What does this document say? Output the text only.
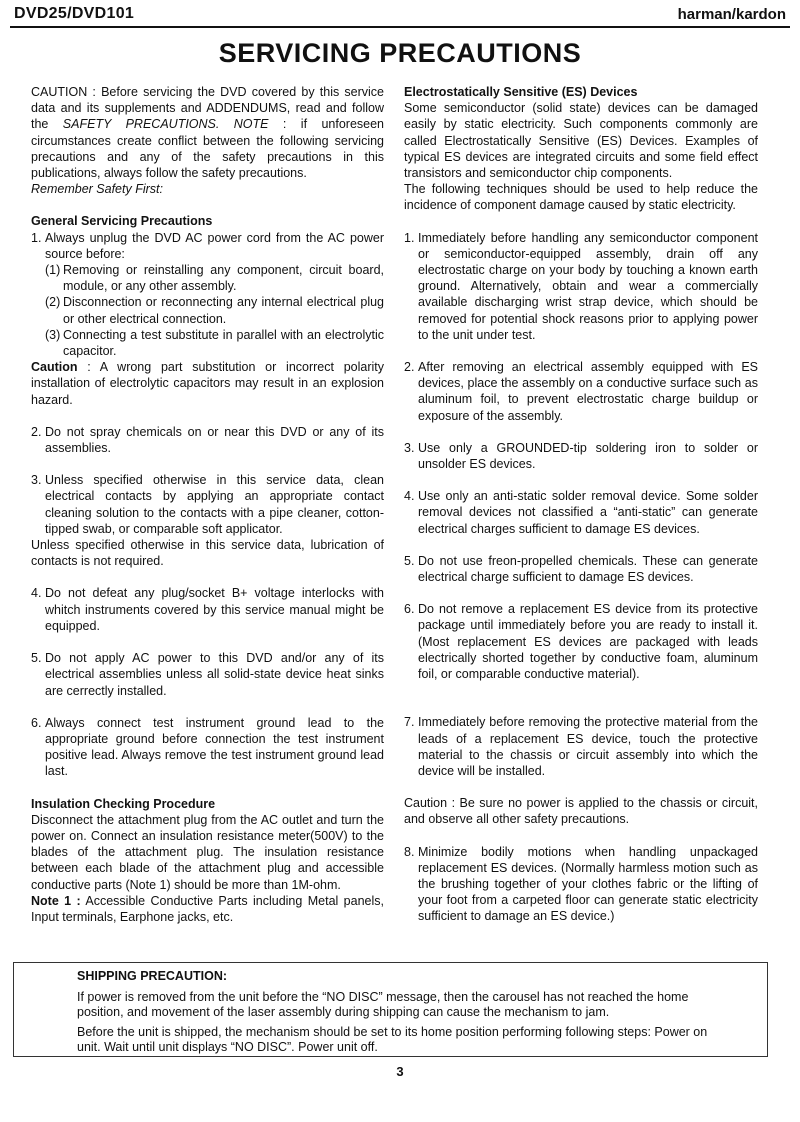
DVD25/DVD101	harman/kardon
SERVICING PRECAUTIONS

CAUTION : Before servicing the DVD covered by this service data and its supplements and ADDENDUMS, read and follow the SAFETY PRECAUTIONS. NOTE : if unforeseen circumstances create conflict between the following servicing precautions and any of the safety precautions in this publications, always follow the safety precautions.

Remember Safety First:

General Servicing Precautions

1. Always unplug the DVD AC power cord from the AC power source before:
(1) Removing or reinstalling any component, circuit board, module, or any other assembly.
(2) Disconnection or reconnecting any internal electrical plug or other electrical connection.
(3) Connecting a test substitute in parallel with an electrolytic capacitor.

Caution : A wrong part substitution or incorrect polarity installation of electrolytic capacitors may result in an explosion hazard.

2. Do not spray chemicals on or near this DVD or any of its assemblies.
3. Unless specified otherwise in this service data, clean electrical contacts by applying an appropriate contact cleaning solution to the contacts with a pipe cleaner, cotton-tipped swab, or comparable soft applicator.

Unless specified otherwise in this service data, lubrication of contacts is not required.

4. Do not defeat any plug/socket B+ voltage interlocks with whitch instruments covered by this service manual might be equipped.
5. Do not apply AC power to this DVD and/or any of its electrical assemblies unless all solid-state device heat sinks are cerrectly installed.
6. Always connect test instrument ground lead to the appropriate ground before connection the test instrument positive lead. Always remove the test instrument ground lead last.

Insulation Checking Procedure

Disconnect the attachment plug from the AC outlet and turn the power on. Connect an insulation resistance meter(500V) to the blades of the attachment plug. The insulation resistance between each blade of the attachment plug and accessible conductive parts (Note 1) should be more than 1M-ohm.

Note 1 : Accessible Conductive Parts including Metal panels, Input terminals, Earphone jacks, etc.

Electrostatically Sensitive (ES) Devices

Some semiconductor (solid state) devices can be damaged easily by static electricity. Such components commonly are called Electrostatically Sensitive (ES) Devices. Examples of typical ES devices are integrated circuits and some field effect transistors and semiconductor chip components.

The following techniques should be used to help reduce the incidence of component damage caused by static electricity.

1. Immediately before handling any semiconductor component or semiconductor-equipped assembly, drain off any electrostatic charge on your body by touching a known earth ground. Alternatively, obtain and wear a commercially available discharging wrist strap device, which should be removed for potential shock reasons prior to applying power to the unit under test.
2. After removing an electrical assembly equipped with ES devices, place the assembly on a conductive surface such as aluminum foil, to prevent electrostatic charge buildup or exposure of the assembly.
3. Use only a GROUNDED-tip soldering iron to solder or unsolder ES devices.
4. Use only an anti-static solder removal device. Some solder removal devices not classified a “anti-static” can generate electrical charges sufficient to damage ES devices.
5. Do not use freon-propelled chemicals. These can generate electrical charge sufficient to damage ES devices.
6. Do not remove a replacement ES device from its protective package until immediately before you are ready to install it. (Most replacement ES devices are packaged with leads electrically shorted together by conductive foam, aluminum foil, or comparable conductive material).
7. Immediately before removing the protective material from the leads of a replacement ES device, touch the protective material to the chassis or circuit assembly into which the device will be installed.

Caution : Be sure no power is applied to the chassis or circuit, and observe all other safety precautions.

8. Minimize bodily motions when handling unpackaged replacement ES devices. (Normally harmless motion such as the brushing together of your clothes fabric or the lifting of your foot from a carpeted floor can generate static electricity sufficient to damage an ES device.)

SHIPPING PRECAUTION:

If power is removed from the unit before the “NO DISC” message, then the carousel has not reached the home position, and movement of the laser assembly during shipping can cause the mechanism to jam.

Before the unit is shipped, the mechanism should be set to its home position performing following steps: Power on unit. Wait until unit displays “NO DISC”. Power unit off.

3
